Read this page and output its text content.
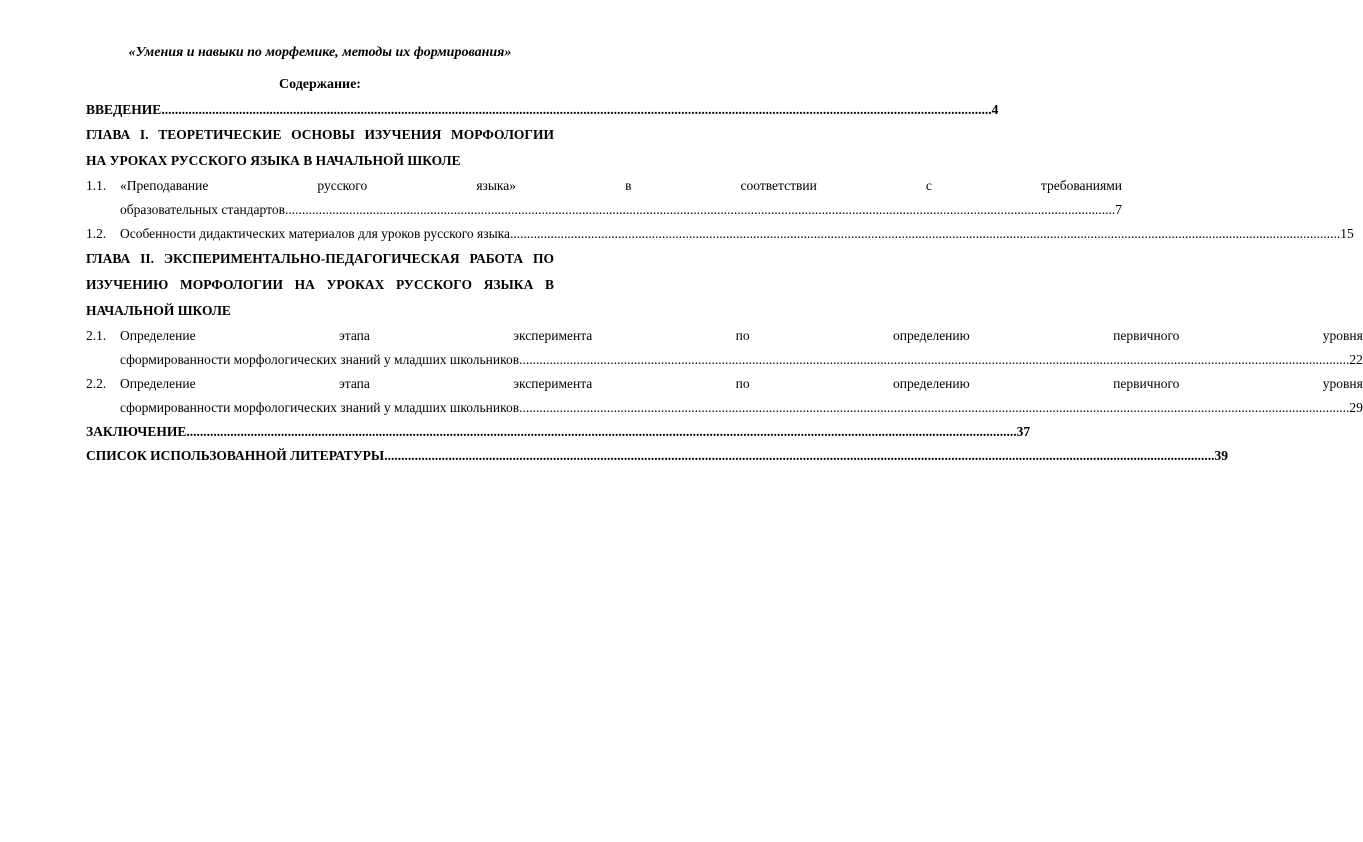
«Умения и навыки по морфемике, методы их формирования»
Содержание:
ВВЕДЕНИЕ .....	4
ГЛАВА I. ТЕОРЕТИЧЕСКИЕ ОСНОВЫ ИЗУЧЕНИЯ МОРФОЛОГИИ
НА УРОКАХ РУССКОГО ЯЗЫКА В НАЧАЛЬНОЙ ШКОЛЕ
1.1.	«Преподавание русского языка» в соответствии с требованиями
образовательных стандартов .....	7
1.2.	Особенности дидактических материалов для уроков русского языка .....	15
ГЛАВА II. ЭКСПЕРИМЕНТАЛЬНО-ПЕДАГОГИЧЕСКАЯ РАБОТА ПО
ИЗУЧЕНИЮ МОРФОЛОГИИ НА УРОКАХ РУССКОГО ЯЗЫКА В
НАЧАЛЬНОЙ ШКОЛЕ
2.1.	Определение этапа эксперимента по определению первичного уровня
сформированности морфологических знаний у младших школьников .....	22
2.2.	Определение этапа эксперимента по определению первичного уровня
сформированности морфологических знаний у младших школьников .....	29
ЗАКЛЮЧЕНИЕ .....	37
СПИСОК ИСПОЛЬЗОВАННОЙ ЛИТЕРАТУРЫ .....	39
